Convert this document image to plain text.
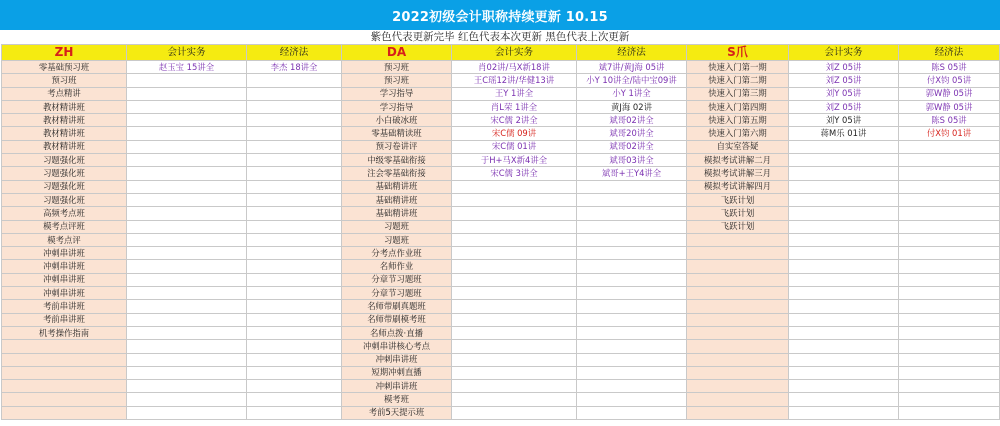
2022初级会计职称持续更新 10.15
紫色代表更新完毕 红色代表本次更新 黑色代表上次更新
ZH	会计实务	经济法	DA	会计实务	经济法	S爪	会计实务	经济法
零基础预习班	赵玉宝 15讲全	李杰 18讲全	预习班	肖02讲/马X新18讲	斌7讲/黄J海 05讲	快速入门第一期	刘Z 05讲	陈S 05讲
预习班			预习班	王C瑶12讲/华健13讲	小Y 10讲全/陆中宝09讲	快速入门第二期	刘Z 05讲	付X钧 05讲
考点精讲			学习指导	王Y 1讲全	小Y 1讲全	快速入门第三期	刘Y 05讲	郭W静 05讲
教材精讲班			学习指导	肖L荣 1讲全	黄J海 02讲	快速入门第四期	刘Z 05讲	郭W静 05讲
教材精讲班			小白破冰班	宋C儒 2讲全	斌哥02讲全	快速入门第五期	刘Y 05讲	陈S 05讲
教材精讲班			零基础精读班	宋C儒 09讲	斌哥20讲全	快速入门第六期	蒋M乐 01讲	付X钧 01讲
教材精讲班			预习卷讲评	宋C儒 01讲	斌哥02讲全	自实室答疑		
习题强化班			中级零基础衔接	于H+马X新4讲全	斌哥03讲全	模拟考试讲解二月		
习题强化班			注会零基础衔接	宋C儒 3讲全	斌哥+王Y4讲全	模拟考试讲解三月		
习题强化班			基础精讲班			模拟考试讲解四月		
习题强化班			基础精讲班			飞跃计划		
高频考点班			基础精讲班			飞跃计划		
模考点评班			习题班			飞跃计划		
模考点评			习题班					
冲刺串讲班			分考点作业班					
冲刺串讲班			名师作业					
冲刺串讲班			分章节习题班					
冲刺串讲班			分章节习题班					
考前串讲班			名师带刷真题班					
考前串讲班			名师带刷模考班					
机考操作指南			名师点拨·直播					
			冲刺串讲核心考点					
			冲刺串讲班					
			短期冲刺直播					
			冲刺串讲班					
			模考班					
			考前5天提示班					
